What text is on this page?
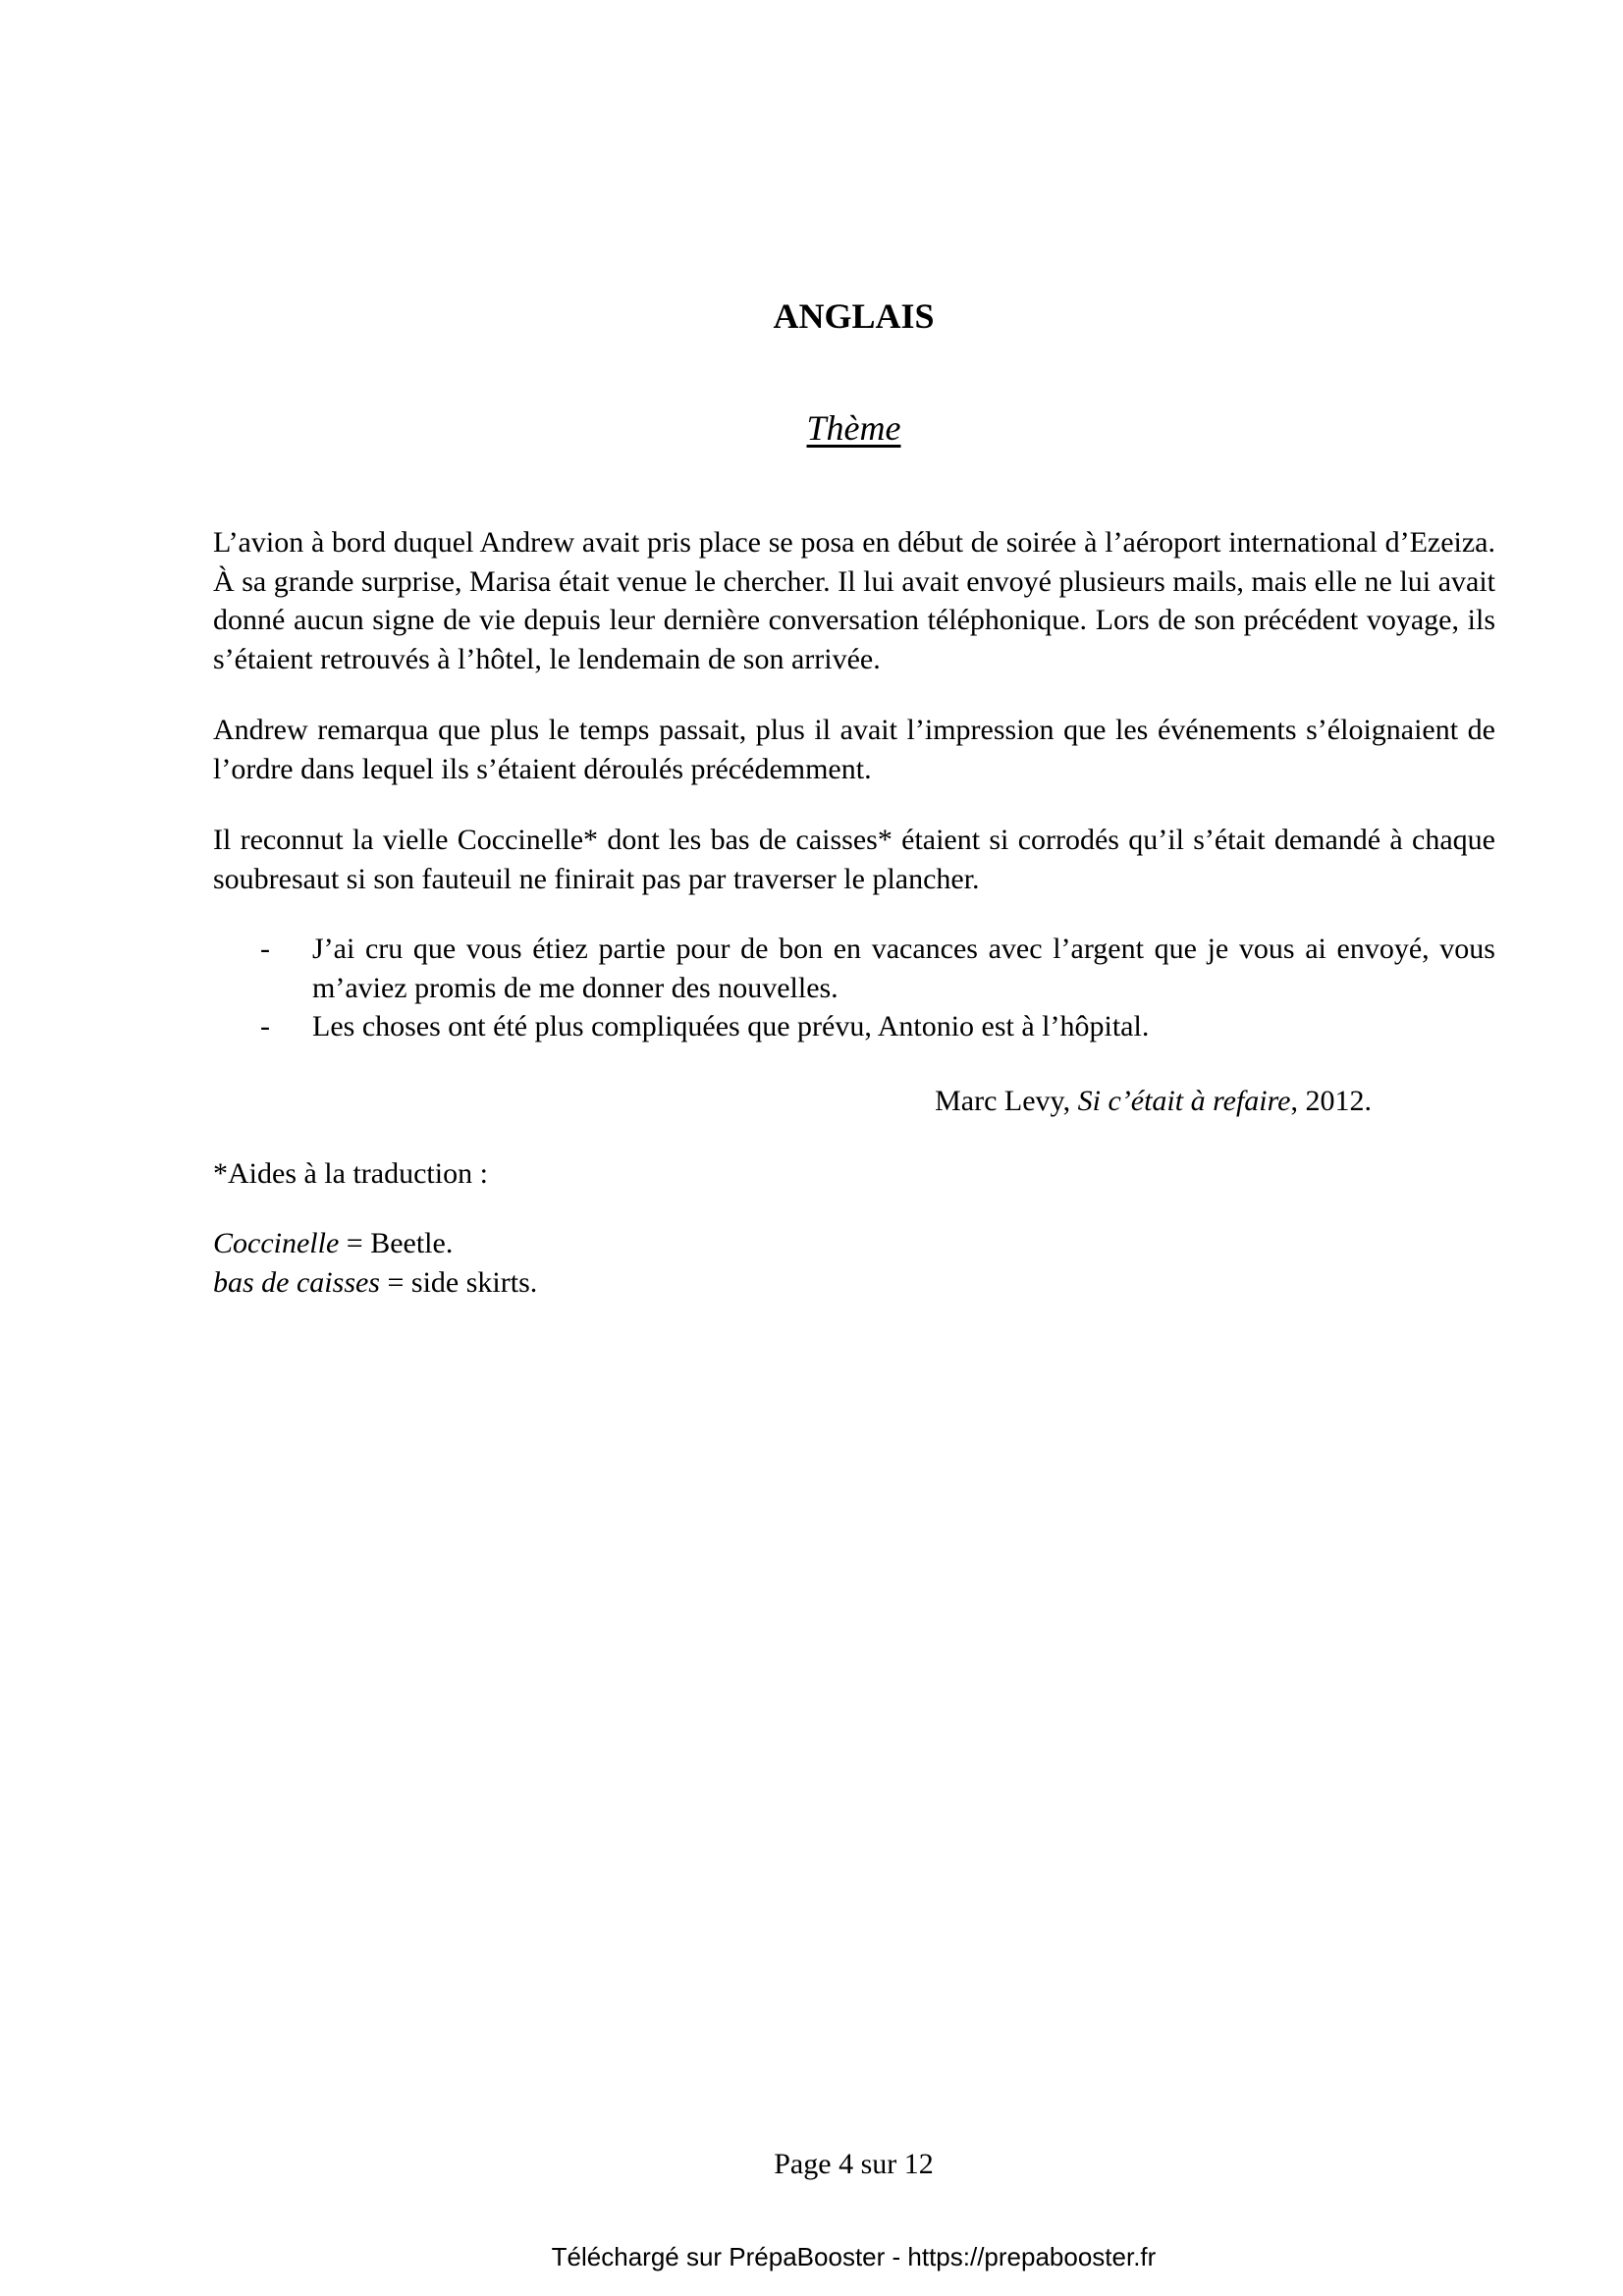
ANGLAIS
Thème
L’avion à bord duquel Andrew avait pris place se posa en début de soirée à l’aéroport international d’Ezeiza. À sa grande surprise, Marisa était venue le chercher. Il lui avait envoyé plusieurs mails, mais elle ne lui avait donné aucun signe de vie depuis leur dernière conversation téléphonique. Lors de son précédent voyage, ils s’étaient retrouvés à l’hôtel, le lendemain de son arrivée.
Andrew remarqua que plus le temps passait, plus il avait l’impression que les événements s’éloignaient de l’ordre dans lequel ils s’étaient déroulés précédemment.
Il reconnut la vielle Coccinelle* dont les bas de caisses* étaient si corrodés qu’il s’était demandé à chaque soubresaut si son fauteuil ne finirait pas par traverser le plancher.
- J’ai cru que vous étiez partie pour de bon en vacances avec l’argent que je vous ai envoyé, vous m’aviez promis de me donner des nouvelles.
- Les choses ont été plus compliquées que prévu, Antonio est à l’hôpital.
Marc Levy, Si c’était à refaire, 2012.
*Aides à la traduction :
Coccinelle = Beetle.
bas de caisses = side skirts.
Page 4 sur 12
Téléchargé sur PrépaBooster - https://prepabooster.fr
